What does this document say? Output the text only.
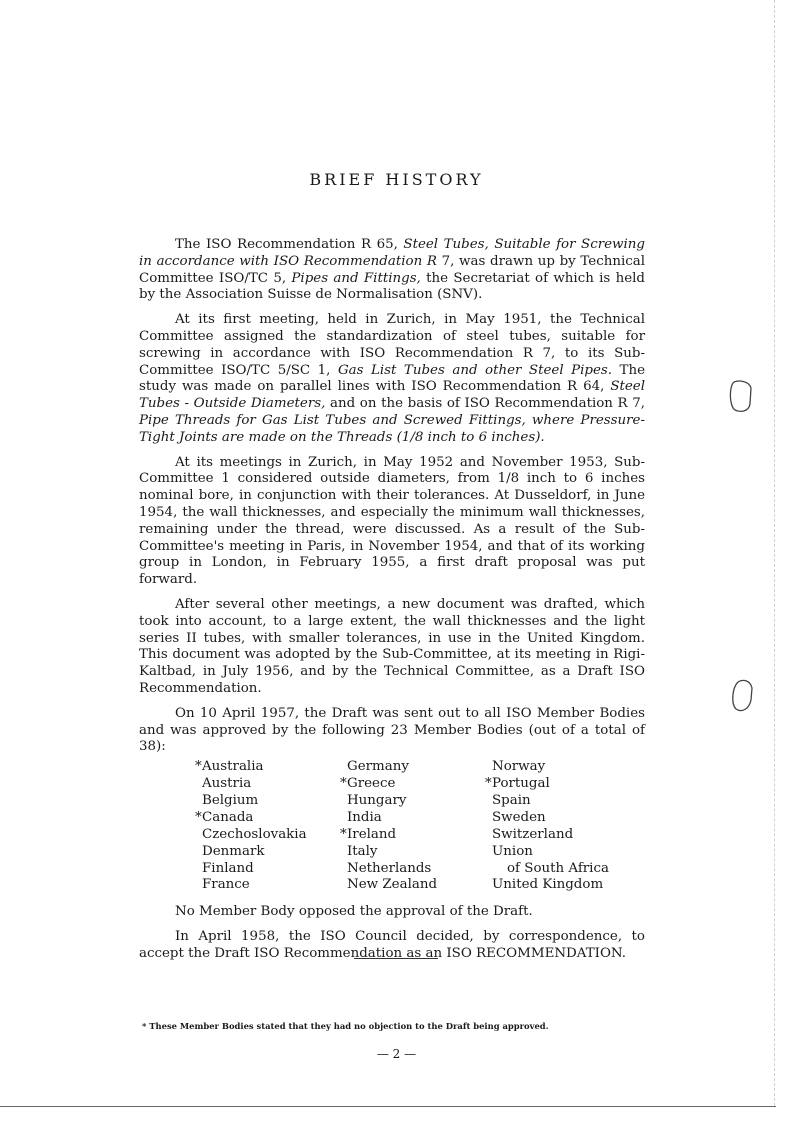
BRIEF HISTORY

The ISO Recommendation R 65, Steel Tubes, Suitable for Screwing in accordance with ISO Recommendation R 7, was drawn up by Technical Committee ISO/TC 5, Pipes and Fittings, the Secretariat of which is held by the Association Suisse de Normalisation (SNV).

At its first meeting, held in Zurich, in May 1951, the Technical Committee assigned the standardization of steel tubes, suitable for screwing in accordance with ISO Recommendation R 7, to its Sub-Committee ISO/TC 5/SC 1, Gas List Tubes and other Steel Pipes. The study was made on parallel lines with ISO Recommendation R 64, Steel Tubes - Outside Diameters, and on the basis of ISO Recommendation R 7, Pipe Threads for Gas List Tubes and Screwed Fittings, where Pressure-Tight Joints are made on the Threads (1/8 inch to 6 inches).

At its meetings in Zurich, in May 1952 and November 1953, Sub-Committee 1 considered outside diameters, from 1/8 inch to 6 inches nominal bore, in conjunction with their tolerances. At Dusseldorf, in June 1954, the wall thicknesses, and especially the minimum wall thicknesses, remaining under the thread, were discussed. As a result of the Sub-Committee's meeting in Paris, in November 1954, and that of its working group in London, in February 1955, a first draft proposal was put forward.

After several other meetings, a new document was drafted, which took into account, to a large extent, the wall thicknesses and the light series II tubes, with smaller tolerances, in use in the United Kingdom. This document was adopted by the Sub-Committee, at its meeting in Rigi-Kaltbad, in July 1956, and by the Technical Committee, as a Draft ISO Recommendation.

On 10 April 1957, the Draft was sent out to all ISO Member Bodies and was approved by the following 23 Member Bodies (out of a total of 38):

*Australia
Austria
Belgium
*Canada
Czechoslovakia
Denmark
Finland
France
Germany
*Greece
Hungary
India
*Ireland
Italy
Netherlands
New Zealand
Norway
*Portugal
Spain
Sweden
Switzerland
Union
of South Africa
United Kingdom

No Member Body opposed the approval of the Draft.

In April 1958, the ISO Council decided, by correspondence, to accept the Draft ISO Recommendation as an ISO RECOMMENDATION.

* These Member Bodies stated that they had no objection to the Draft being approved.
— 2 —
